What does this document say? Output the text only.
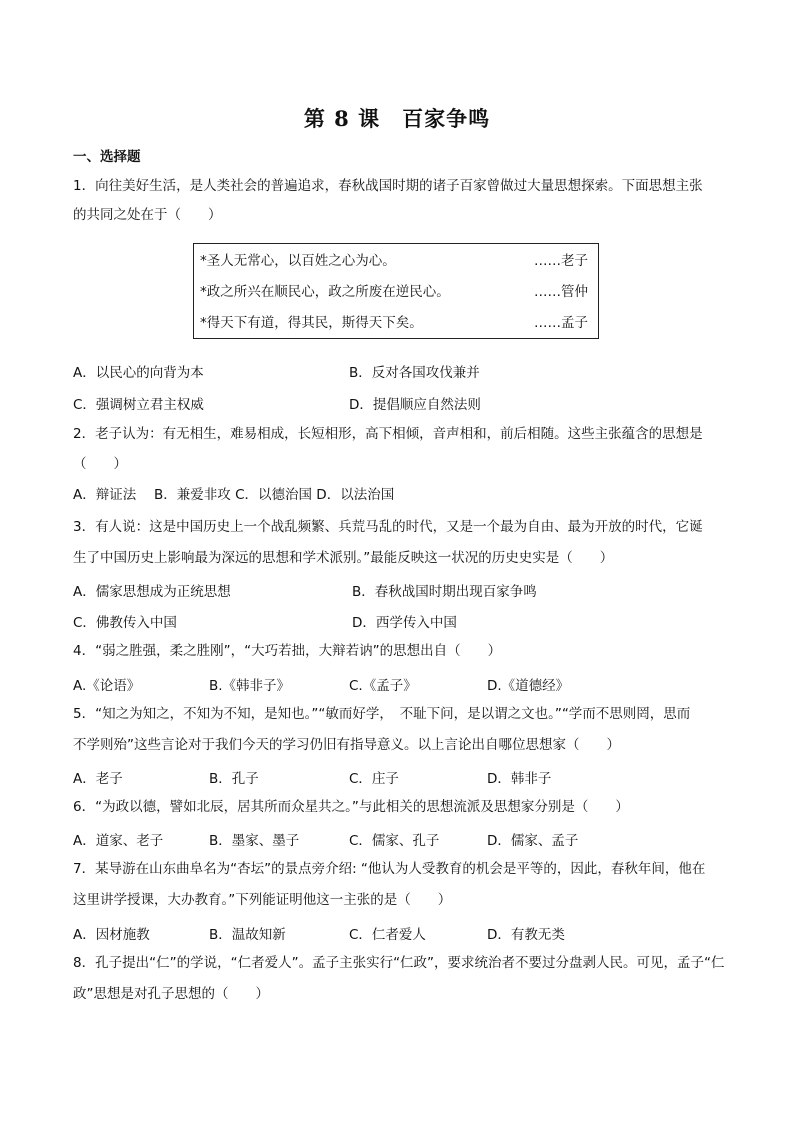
第 8 课 百家争鸣
一、选择题
1．向往美好生活，是人类社会的普遍追求，春秋战国时期的诸子百家曾做过大量思想探索。下面思想主张
的共同之处在于（　　）
*圣人无常心，以百姓之心为心。	……老子
*政之所兴在顺民心，政之所废在逆民心。	……管仲
*得天下有道，得其民，斯得天下矣。	……孟子
A．以民心的向背为本	B．反对各国攻伐兼并
C．强调树立君主权威	D．提倡顺应自然法则
2．老子认为：有无相生，难易相成，长短相形，高下相倾，音声相和，前后相随。这些主张蕴含的思想是
（　　）
A．辩证法　 B．兼爱非攻 C．以德治国 D．以法治国
3．有人说：这是中国历史上一个战乱频繁、兵荒马乱的时代，又是一个最为自由、最为开放的时代，它诞
生了中国历史上影响最为深远的思想和学术派别。”最能反映这一状况的历史史实是（　　）
A．儒家思想成为正统思想	B．春秋战国时期出现百家争鸣
C．佛教传入中国	D．西学传入中国
4．“弱之胜强，柔之胜刚”，“大巧若拙，大辩若讷”的思想出自（　　）
A.《论语》	B.《韩非子》	C.《孟子》	D.《道德经》
5．“知之为知之，不知为不知，是知也。”“敏而好学，　不耻下问，是以谓之文也。”“学而不思则罔，思而
不学则殆”这些言论对于我们今天的学习仍旧有指导意义。以上言论出自哪位思想家（　　）
A．老子	B．孔子	C．庄子	D．韩非子
6．“为政以德，譬如北辰，居其所而众星共之。”与此相关的思想流派及思想家分别是（　　）
A．道家、老子	B．墨家、墨子	C．儒家、孔子	D．儒家、孟子
7．某导游在山东曲阜名为“杏坛”的景点旁介绍: “他认为人受教育的机会是平等的，因此，春秋年间，他在
这里讲学授课，大办教育。”下列能证明他这一主张的是（　　）
A．因材施教	B．温故知新	C．仁者爱人	D．有教无类
8．孔子提出“仁”的学说，“仁者爱人”。孟子主张实行“仁政”，要求统治者不要过分盘剥人民。可见，孟子“仁
政”思想是对孔子思想的（　　）
